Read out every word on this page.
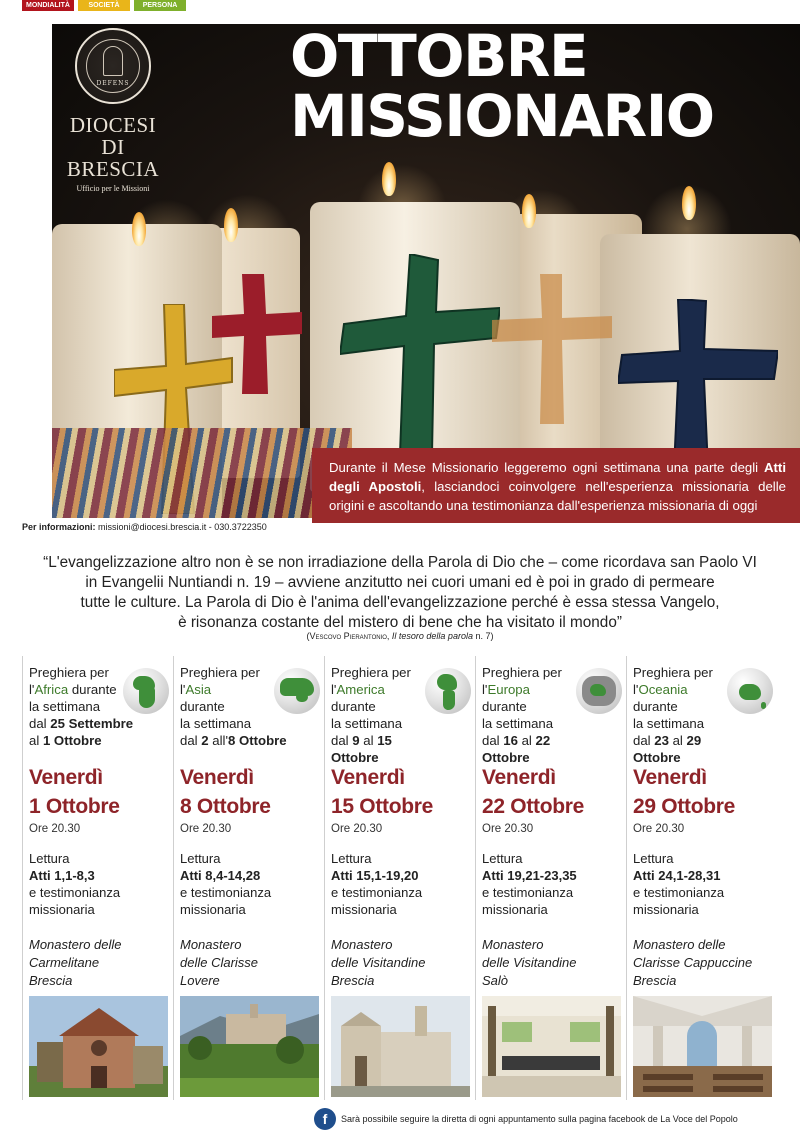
MONDIALITÀ	SOCIETÀ	PERSONA
DEFENS
DIOCESI DI
BRESCIA
Ufficio per le Missioni
OTTOBRE
MISSIONARIO
Durante il Mese Missionario leggeremo ogni settimana una parte degli Atti degli Apostoli, lasciandoci coinvolgere nell'esperienza missionaria delle origini e ascoltando una testimonianza dall'esperienza missionaria di oggi
Per informazioni: missioni@diocesi.brescia.it - 030.3722350
“L'evangelizzazione altro non è se non irradiazione della Parola di Dio che – come ricordava san Paolo VI
in Evangelii Nuntiandi n. 19 – avviene anzitutto nei cuori umani ed è poi in grado di permeare
tutte le culture. La Parola di Dio è l'anima dell'evangelizzazione perché è essa stessa Vangelo,
è risonanza costante del mistero di bene che ha visitato il mondo”
(Vescovo Pierantonio, Il tesoro della parola n. 7)
Preghiera per
l'Africa durante
la settimana
dal 25 Settembre
al 1 Ottobre
Venerdì
1 Ottobre
Ore 20.30
Lettura
Atti 1,1-8,3
e testimonianza
missionaria
Monastero delle
Carmelitane
Brescia
Preghiera per
l'Asia
durante
la settimana
dal 2 all'8 Ottobre
Venerdì
8 Ottobre
Ore 20.30
Lettura
Atti 8,4-14,28
e testimonianza
missionaria
Monastero
delle Clarisse
Lovere
Preghiera per
l'America
durante
la settimana
dal 9 al 15 Ottobre
Venerdì
15 Ottobre
Ore 20.30
Lettura
Atti 15,1-19,20
e testimonianza
missionaria
Monastero
delle Visitandine
Brescia
Preghiera per
l'Europa
durante
la settimana
dal 16 al 22 Ottobre
Venerdì
22 Ottobre
Ore 20.30
Lettura
Atti 19,21-23,35
e testimonianza
missionaria
Monastero
delle Visitandine
Salò
Preghiera per
l'Oceania
durante
la settimana
dal 23 al 29 Ottobre
Venerdì
29 Ottobre
Ore 20.30
Lettura
Atti 24,1-28,31
e testimonianza
missionaria
Monastero delle
Clarisse Cappuccine
Brescia
f	Sarà possibile seguire la diretta di ogni appuntamento sulla pagina facebook de La Voce del Popolo
